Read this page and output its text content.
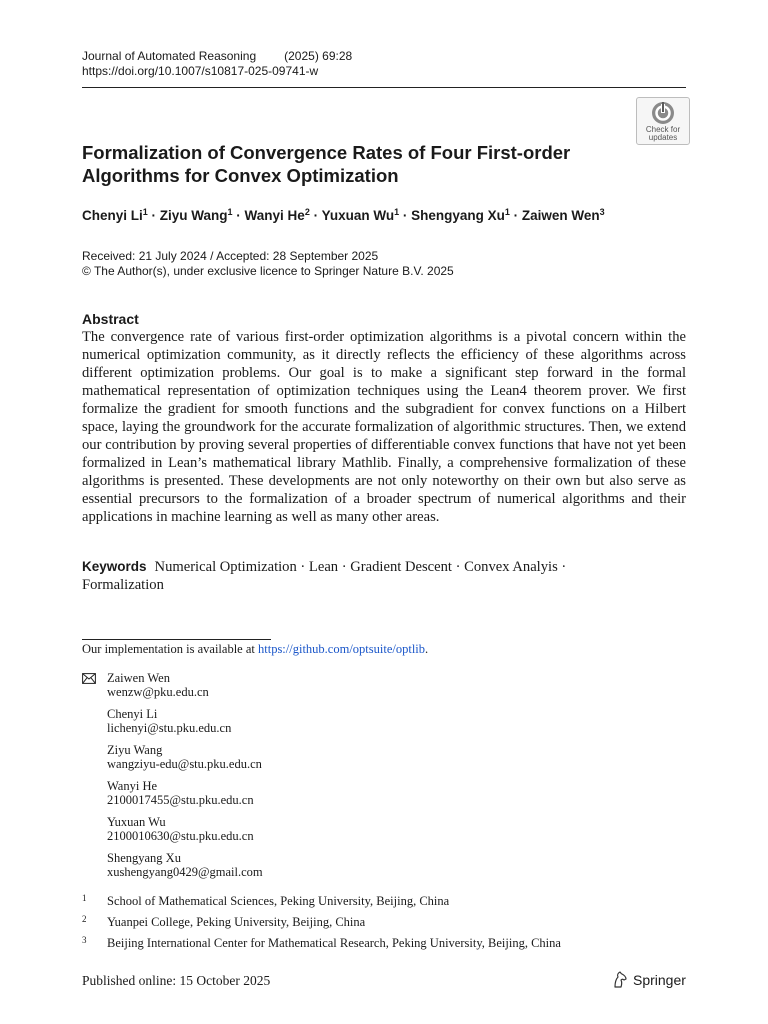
Journal of Automated Reasoning (2025) 69:28
https://doi.org/10.1007/s10817-025-09741-w
Check for
updates
Formalization of Convergence Rates of Four First-order Algorithms for Convex Optimization
Chenyi $Li^1$ · Ziyu Wang$^1$ · Wanyi $He^2$ · Yuxuan $Wu^1$ · Shengyang $Xu^1$ · Zaiwen Wen$^3$
Received: 21 July 2024 / Accepted: 28 September 2025
© The Author(s), under exclusive licence to Springer Nature B.V. 2025
Abstract
The convergence rate of various first-order optimization algorithms is a pivotal concern within the numerical optimization community, as it directly reflects the efficiency of these algorithms across different optimization problems. Our goal is to make a significant step forward in the formal mathematical representation of optimization techniques using the Lean4 theorem prover. We first formalize the gradient for smooth functions and the subgradient for convex functions on a Hilbert space, laying the groundwork for the accurate formalization of algorithmic structures. Then, we extend our contribution by proving several properties of differentiable convex functions that have not yet been formalized in Lean’s mathematical library Mathlib. Finally, a comprehensive formalization of these algorithms is presented. These developments are not only noteworthy on their own but also serve as essential precursors to the formalization of a broader spectrum of numerical algorithms and their applications in machine learning as well as many other areas.
Keywords Numerical Optimization · Lean · Gradient Descent · Convex Analyis · Formalization
Our implementation is available at https://github.com/optsuite/optlib.
Zaiwen Wen
wenzw@pku.edu.cn
Chenyi Li
lichenyi@stu.pku.edu.cn
Ziyu Wang
wangziyu-edu@stu.pku.edu.cn
Wanyi He
2100017455@stu.pku.edu.cn
Yuxuan Wu
2100010630@stu.pku.edu.cn
Shengyang Xu
xushengyang0429@gmail.com
1 School of Mathematical Sciences, Peking University, Beijing, China
2 Yuanpei College, Peking University, Beijing, China
3 Beijing International Center for Mathematical Research, Peking University, Beijing, China
Published online: 15 October 2025	Springer
